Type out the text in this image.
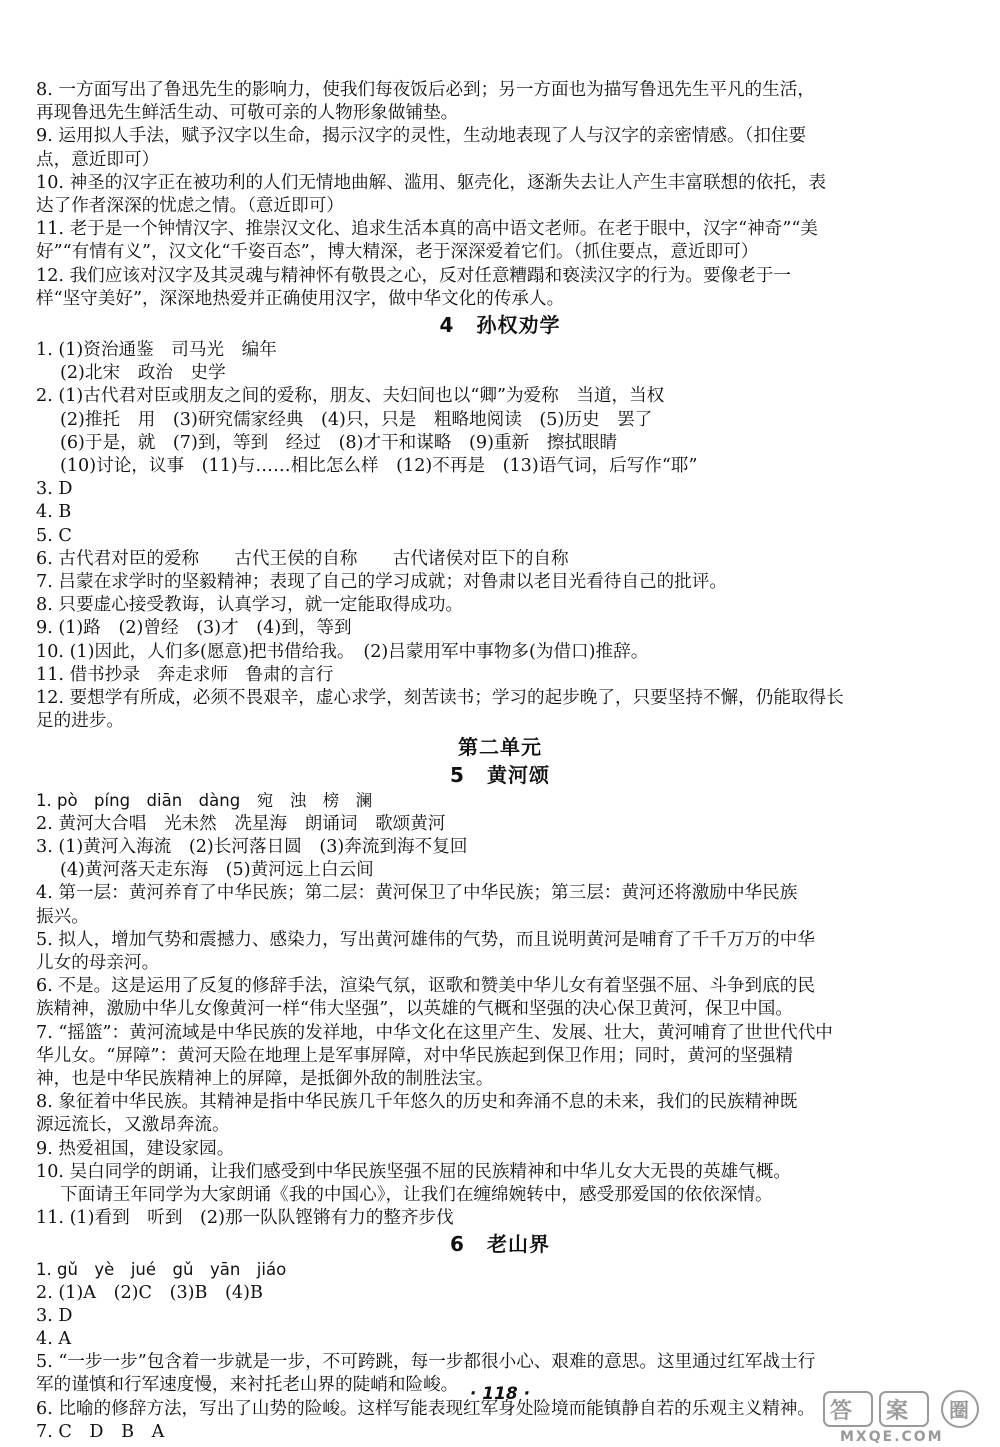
8. 一方面写出了鲁迅先生的影响力，使我们每夜饭后必到；另一方面也为描写鲁迅先生平凡的生活，
再现鲁迅先生鲜活生动、可敬可亲的人物形象做铺垫。
9. 运用拟人手法，赋予汉字以生命，揭示汉字的灵性，生动地表现了人与汉字的亲密情感。（扣住要
点，意近即可）
10. 神圣的汉字正在被功利的人们无情地曲解、滥用、躯壳化，逐渐失去让人产生丰富联想的依托，表
达了作者深深的忧虑之情。（意近即可）
11. 老于是一个钟情汉字、推崇汉文化、追求生活本真的高中语文老师。在老于眼中，汉字“神奇”“美
好”“有情有义”，汉文化“千姿百态”，博大精深，老于深深爱着它们。（抓住要点，意近即可）
12. 我们应该对汉字及其灵魂与精神怀有敬畏之心，反对任意糟蹋和亵渎汉字的行为。要像老于一
样“坚守美好”，深深地热爱并正确使用汉字，做中华文化的传承人。
4 孙权劝学
1. (1)资治通鉴　司马光　编年
(2)北宋　政治　史学
2. (1)古代君对臣或朋友之间的爱称，朋友、夫妇间也以“卿”为爱称　当道，当权
(2)推托　用　(3)研究儒家经典　(4)只，只是　粗略地阅读　(5)历史　罢了
(6)于是，就　(7)到，等到　经过　(8)才干和谋略　(9)重新　擦拭眼睛
(10)讨论，议事　(11)与……相比怎么样　(12)不再是　(13)语气词，后写作“耶”
3. D
4. B
5. C
6. 古代君对臣的爱称　　古代王侯的自称　　古代诸侯对臣下的自称
7. 吕蒙在求学时的坚毅精神；表现了自己的学习成就；对鲁肃以老目光看待自己的批评。
8. 只要虚心接受教诲，认真学习，就一定能取得成功。
9. (1)路　(2)曾经　(3)才　(4)到，等到
10. (1)因此，人们多(愿意)把书借给我。　(2)吕蒙用军中事物多(为借口)推辞。
11. 借书抄录　奔走求师　鲁肃的言行
12. 要想学有所成，必须不畏艰辛，虚心求学，刻苦读书；学习的起步晚了，只要坚持不懈，仍能取得长
足的进步。
第二单元
5 黄河颂
1. pò　píng　diān　dàng　宛　浊　榜　澜
2. 黄河大合唱　光未然　冼星海　朗诵词　歌颂黄河
3. (1)黄河入海流　(2)长河落日圆　(3)奔流到海不复回
(4)黄河落天走东海　(5)黄河远上白云间
4. 第一层：黄河养育了中华民族；第二层：黄河保卫了中华民族；第三层：黄河还将激励中华民族
振兴。
5. 拟人，增加气势和震撼力、感染力，写出黄河雄伟的气势，而且说明黄河是哺育了千千万万的中华
儿女的母亲河。
6. 不是。这是运用了反复的修辞手法，渲染气氛，讴歌和赞美中华儿女有着坚强不屈、斗争到底的民
族精神，激励中华儿女像黄河一样“伟大坚强”，以英雄的气概和坚强的决心保卫黄河，保卫中国。
7. “摇篮”：黄河流域是中华民族的发祥地，中华文化在这里产生、发展、壮大，黄河哺育了世世代代中
华儿女。“屏障”：黄河天险在地理上是军事屏障，对中华民族起到保卫作用；同时，黄河的坚强精
神，也是中华民族精神上的屏障，是抵御外敌的制胜法宝。
8. 象征着中华民族。其精神是指中华民族几千年悠久的历史和奔涌不息的未来，我们的民族精神既
源远流长，又激昂奔流。
9. 热爱祖国，建设家园。
10. 吴白同学的朗诵，让我们感受到中华民族坚强不屈的民族精神和中华儿女大无畏的英雄气概。
下面请王年同学为大家朗诵《我的中国心》，让我们在缠绵婉转中，感受那爱国的依依深情。
11. (1)看到　听到　(2)那一队队铿锵有力的整齐步伐
6 老山界
1. gǔ　yè　jué　gǔ　yān　jiáo
2. (1)A　(2)C　(3)B　(4)B
3. D
4. A
5. “一步一步”包含着一步就是一步，不可跨跳，每一步都很小心、艰难的意思。这里通过红军战士行
军的谨慎和行军速度慢，来衬托老山界的陡峭和险峻。
6. 比喻的修辞方法，写出了山势的险峻。这样写能表现红军身处险境而能镇静自若的乐观主义精神。
7. C　D　B　A
· 118 ·
答 案 圈
MXQE.COM
